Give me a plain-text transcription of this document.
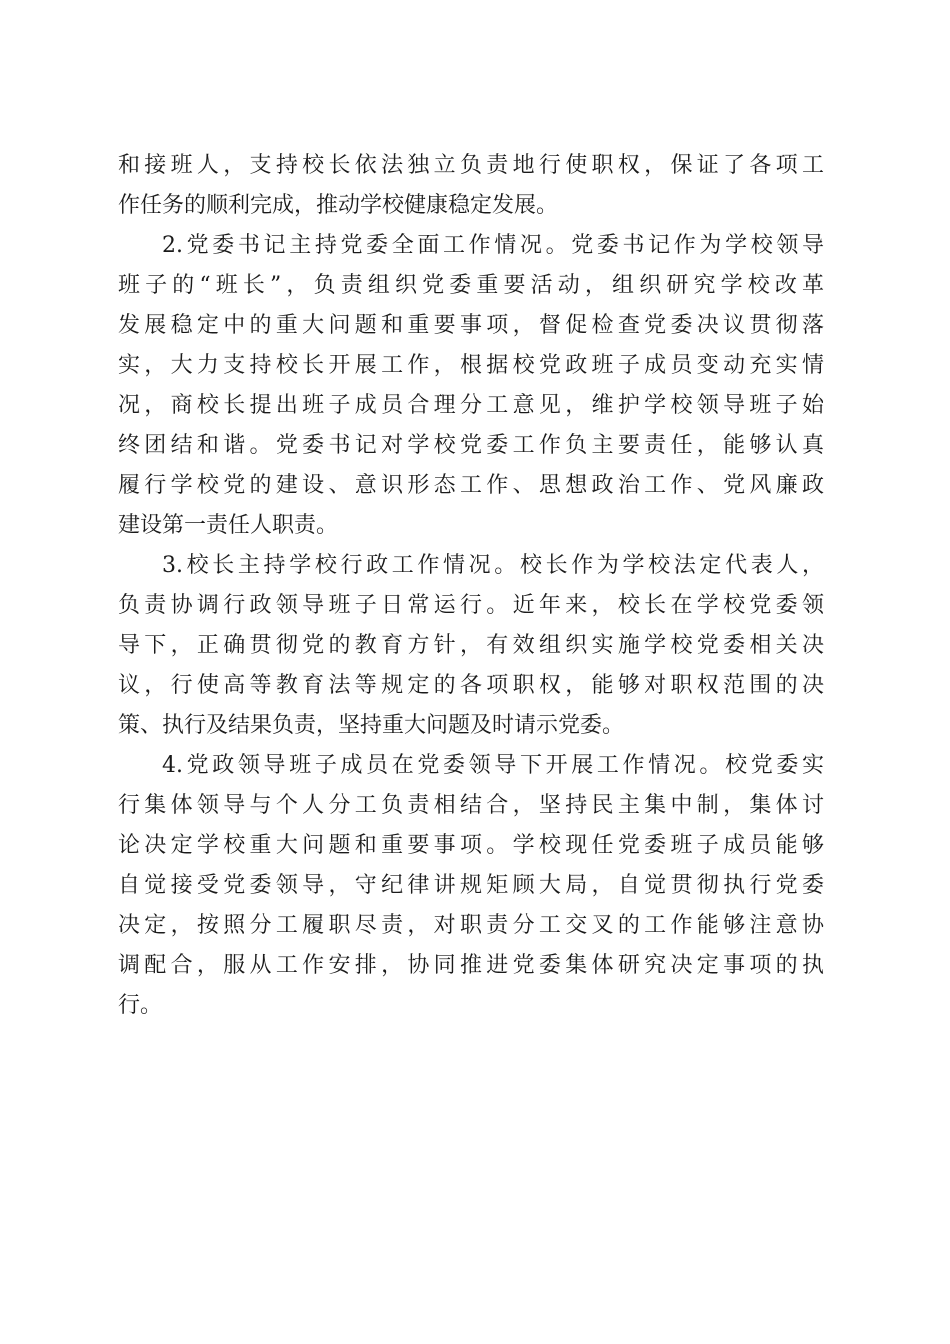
和接班人，支持校长依法独立负责地行使职权，保证了各项工
作任务的顺利完成，推动学校健康稳定发展。
2.党委书记主持党委全面工作情况。党委书记作为学校领导
班子的“班长”，负责组织党委重要活动，组织研究学校改革
发展稳定中的重大问题和重要事项，督促检查党委决议贯彻落
实，大力支持校长开展工作，根据校党政班子成员变动充实情
况，商校长提出班子成员合理分工意见，维护学校领导班子始
终团结和谐。党委书记对学校党委工作负主要责任，能够认真
履行学校党的建设、意识形态工作、思想政治工作、党风廉政
建设第一责任人职责。
3.校长主持学校行政工作情况。校长作为学校法定代表人，
负责协调行政领导班子日常运行。近年来，校长在学校党委领
导下，正确贯彻党的教育方针，有效组织实施学校党委相关决
议，行使高等教育法等规定的各项职权，能够对职权范围的决
策、执行及结果负责，坚持重大问题及时请示党委。
4.党政领导班子成员在党委领导下开展工作情况。校党委实
行集体领导与个人分工负责相结合，坚持民主集中制，集体讨
论决定学校重大问题和重要事项。学校现任党委班子成员能够
自觉接受党委领导，守纪律讲规矩顾大局，自觉贯彻执行党委
决定，按照分工履职尽责，对职责分工交叉的工作能够注意协
调配合，服从工作安排，协同推进党委集体研究决定事项的执
行。
